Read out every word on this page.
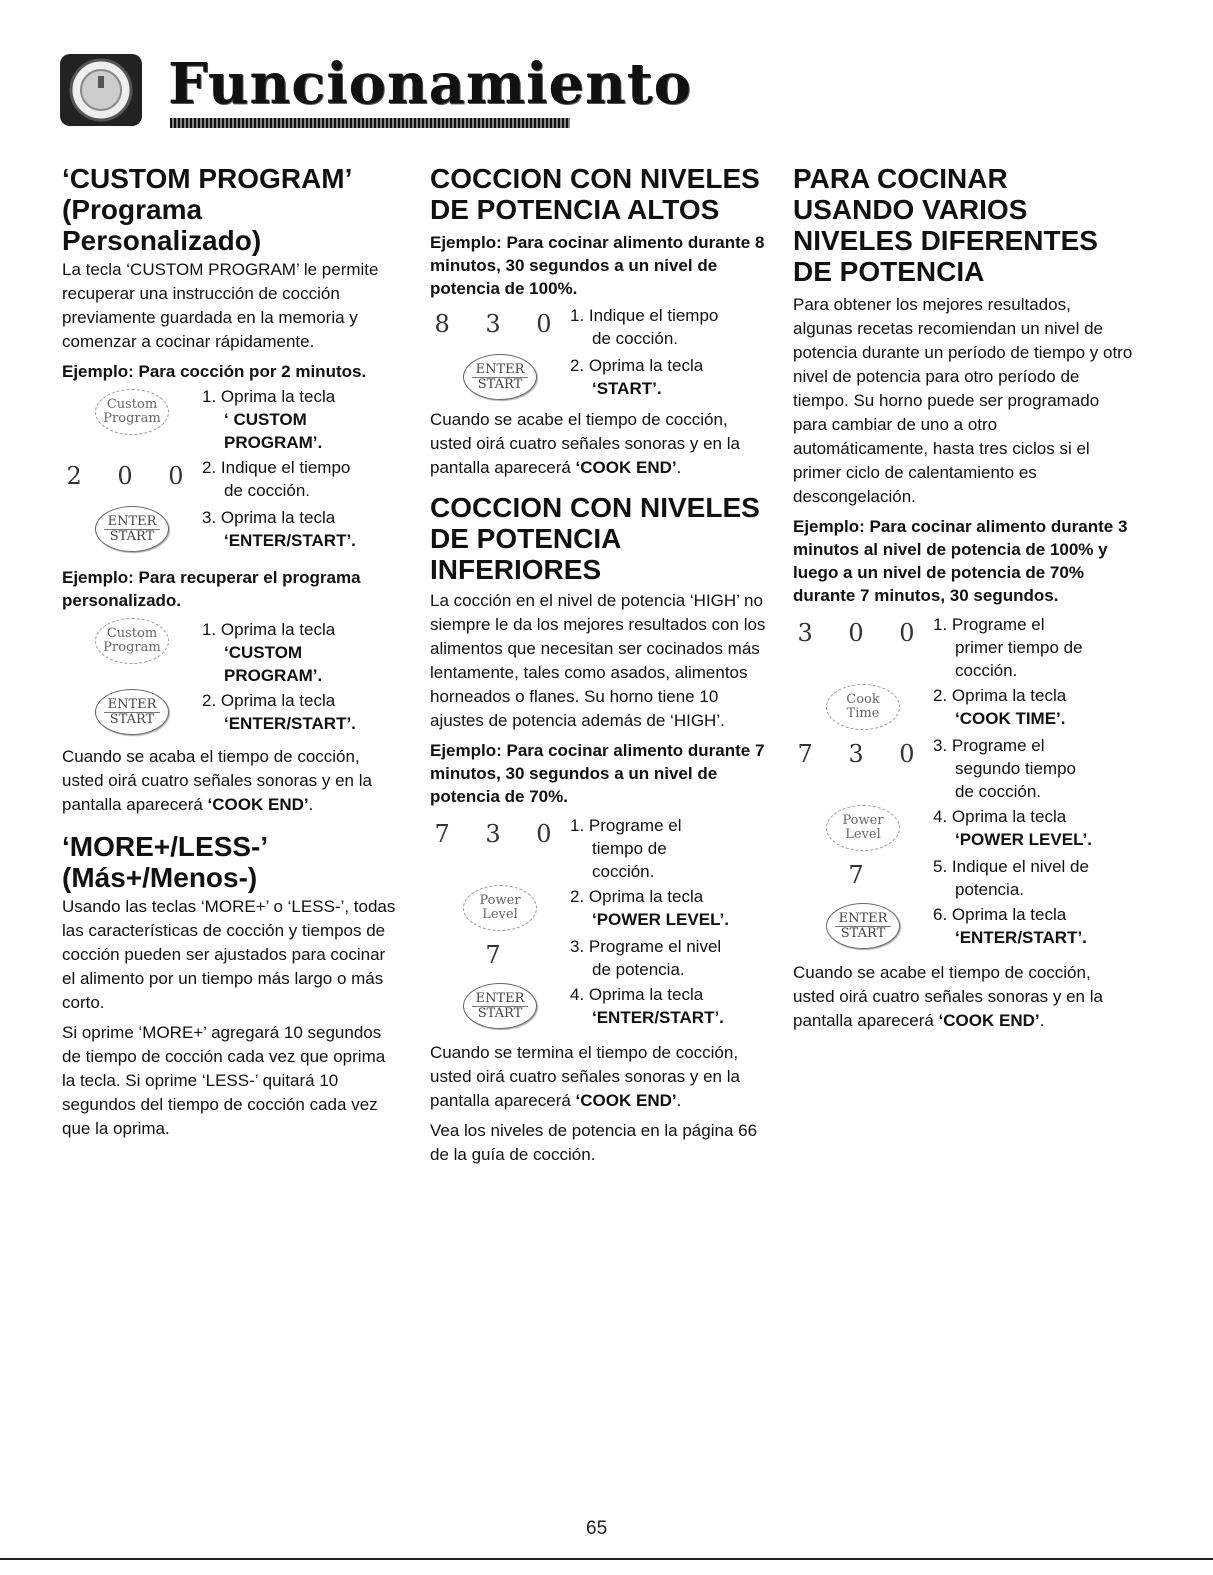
Funcionamiento
‘CUSTOM PROGRAM’
(Programa Personalizado)

La tecla ‘CUSTOM PROGRAM’ le permite recuperar una instrucción de cocción previamente guardada en la memoria y comenzar a cocinar rápidamente.

Ejemplo: Para cocción por 2 minutos.

Custom
Program
1. Oprima la tecla
‘ CUSTOM
PROGRAM’.
2 0 0 2. Indique el tiempo
de cocción.
ENTER
START
3. Oprima la tecla
‘ENTER/START’.

Ejemplo: Para recuperar el programa personalizado.

Custom
Program
1. Oprima la tecla
‘CUSTOM
PROGRAM’.
ENTER
START
2. Oprima la tecla
‘ENTER/START’.

Cuando se acaba el tiempo de cocción, usted oirá cuatro señales sonoras y en la pantalla aparecerá ‘COOK END’.

‘MORE+/LESS-’
(Más+/Menos-)

Usando las teclas ‘MORE+’ o ‘LESS-’, todas las características de cocción y tiempos de cocción pueden ser ajustados para cocinar el alimento por un tiempo más largo o más corto.

Si oprime ‘MORE+’ agregará 10 segundos de tiempo de cocción cada vez que oprima la tecla. Si oprime ‘LESS-’ quitará 10 segundos del tiempo de cocción cada vez que la oprima.

COCCION CON NIVELES DE POTENCIA ALTOS

Ejemplo: Para cocinar alimento durante 8 minutos, 30 segundos a un nivel de potencia de 100%.

8 3 0 1. Indique el tiempo
de cocción.
ENTER
START
2. Oprima la tecla
‘START’.

Cuando se acabe el tiempo de cocción, usted oirá cuatro señales sonoras y en la pantalla aparecerá ‘COOK END’.

COCCION CON NIVELES DE POTENCIA INFERIORES

La cocción en el nivel de potencia ‘HIGH’ no siempre le da los mejores resultados con los alimentos que necesitan ser cocinados más lentamente, tales como asados, alimentos horneados o flanes. Su horno tiene 10 ajustes de potencia además de ‘HIGH’.

Ejemplo: Para cocinar alimento durante 7 minutos, 30 segundos a un nivel de potencia de 70%.

7 3 0 1. Programe el
tiempo de
cocción.
Power
Level
2. Oprima la tecla
‘POWER LEVEL’.
7	3. Programe el nivel
de potencia.
ENTER
START
4. Oprima la tecla
‘ENTER/START’.

Cuando se termina el tiempo de cocción, usted oirá cuatro señales sonoras y en la pantalla aparecerá ‘COOK END’.

Vea los niveles de potencia en la página 66 de la guía de cocción.

PARA COCINAR USANDO VARIOS NIVELES DIFERENTES DE POTENCIA

Para obtener los mejores resultados, algunas recetas recomiendan un nivel de potencia durante un período de tiempo y otro nivel de potencia para otro período de tiempo. Su horno puede ser programado para cambiar de uno a otro automáticamente, hasta tres ciclos si el primer ciclo de calentamiento es descongelación.

Ejemplo: Para cocinar alimento durante 3 minutos al nivel de potencia de 100% y luego a un nivel de potencia de 70% durante 7 minutos, 30 segundos.

3 0 0 1. Programe el
primer tiempo de
cocción.
Cook
Time
2. Oprima la tecla
‘COOK TIME’.
7 3 0 3. Programe el
segundo tiempo
de cocción.
Power
Level
4. Oprima la tecla
‘POWER LEVEL’.
7	5. Indique el nivel de
potencia.
ENTER
START
6. Oprima la tecla
‘ENTER/START’.

Cuando se acabe el tiempo de cocción, usted oirá cuatro señales sonoras y en la pantalla aparecerá ‘COOK END’.

65
